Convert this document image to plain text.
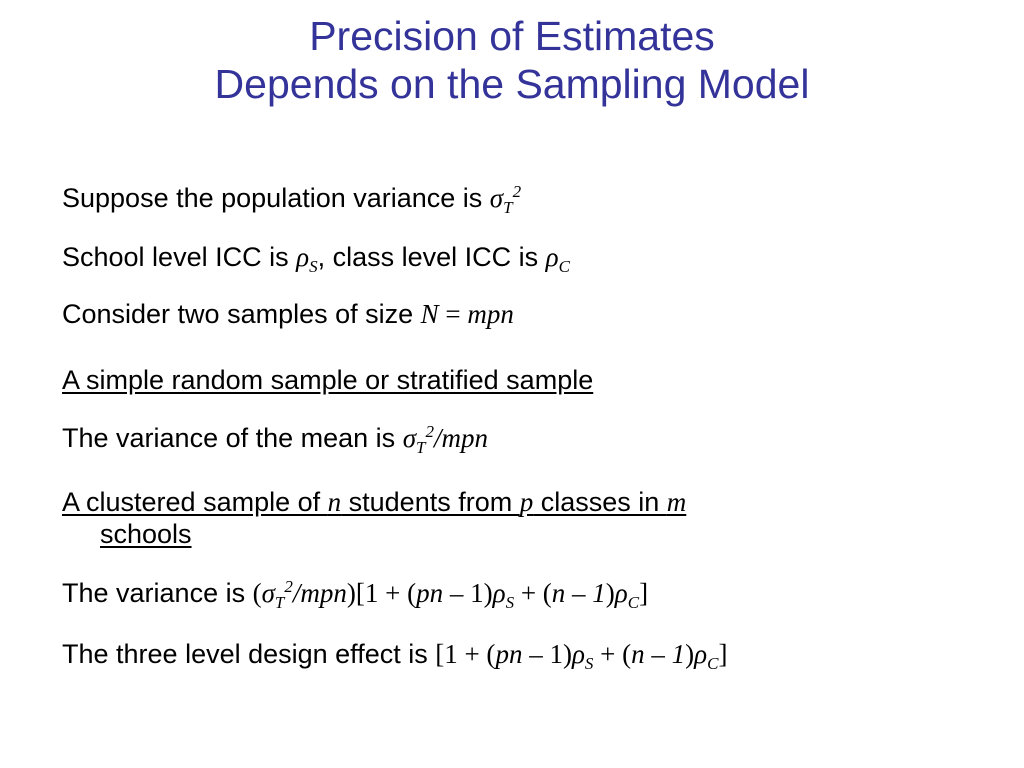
Precision of Estimates
Depends on the Sampling Model
Suppose the population variance is $\sigma_T^2$
School level ICC is $\rho_S$, class level ICC is $\rho_C$
Consider two samples of size N = mpn
A simple random sample or stratified sample
The variance of the mean is $\sigma_T^2$/mpn
A clustered sample of n students from p classes in m
schools
The variance is $(\sigma_T^2/mpn)[1 + (pn - 1)\rho_S + (n - 1)\rho_C]$
The three level design effect is $[1 + (pn - 1)\rho_S + (n - 1)\rho_C]$
